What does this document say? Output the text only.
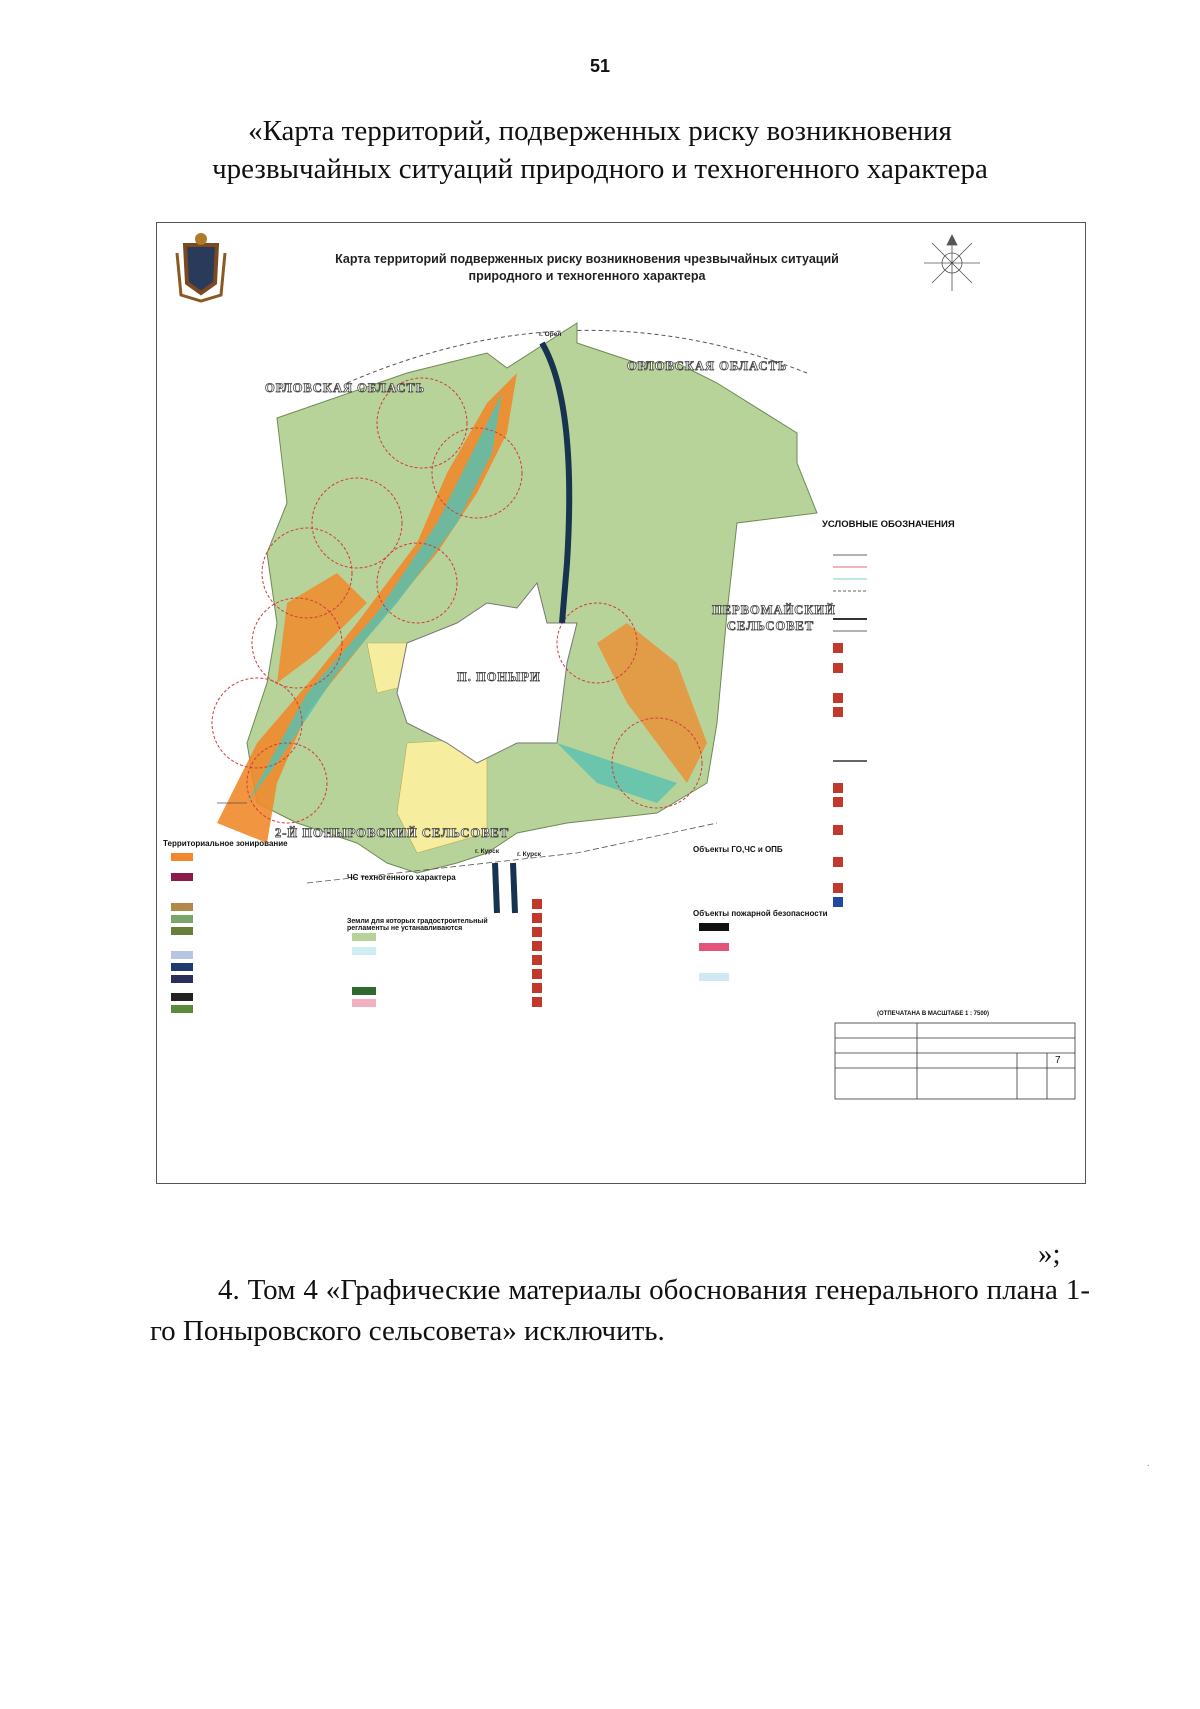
51
«Карта территорий, подверженных риску возникновения
чрезвычайных ситуаций природного и техногенного характера
Карта территорий подверженных риску возникновения чрезвычайных ситуаций
природного и техногенного характера
ОРЛОВСКАЯ ОБЛАСТЬ
ОРЛОВСКАЯ ОБЛАСТЬ
ПЕРВОМАЙСКИЙ
СЕЛЬСОВЕТ
П. ПОНЫРИ
2-Й ПОНЫРОВСКИЙ СЕЛЬСОВЕТ
г. Орел
г. Курск	г. Курск
УСЛОВНЫЕ ОБОЗНАЧЕНИЯ
Территориальное зонирование
ЧС техногенного характера
Земли для которых градостроительный регламенты не устанавливаются
Объекты ГО,ЧС и ОПБ
Объекты пожарной безопасности
(ОТПЕЧАТАНА В МАСШТАБЕ 1 : 7500)
7
»;
4. Том 4 «Графические материалы обоснования генерального плана 1-го Поныровского сельсовета» исключить.
.
